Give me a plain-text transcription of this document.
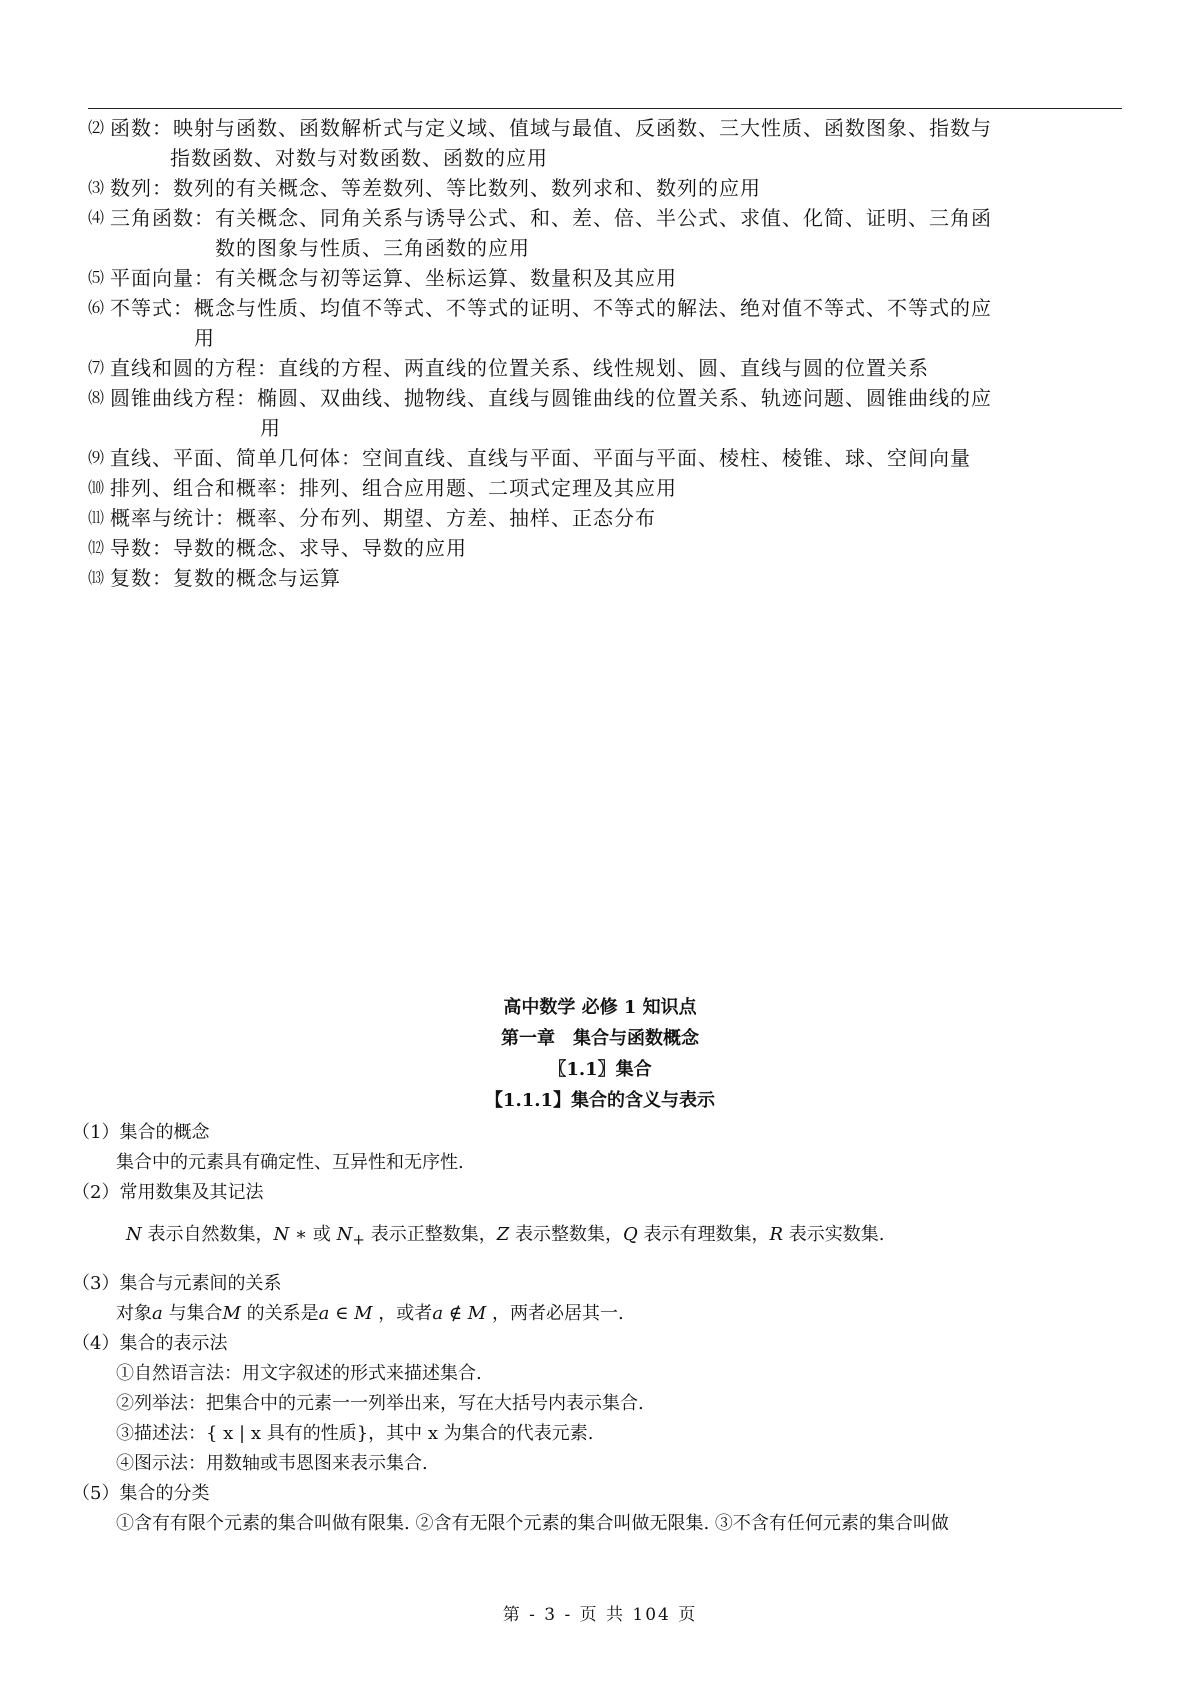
⑵ 函数：映射与函数、函数解析式与定义域、值域与最值、反函数、三大性质、函数图象、指数与
指数函数、对数与对数函数、函数的应用
⑶ 数列：数列的有关概念、等差数列、等比数列、数列求和、数列的应用
⑷ 三角函数：有关概念、同角关系与诱导公式、和、差、倍、半公式、求值、化简、证明、三角函
数的图象与性质、三角函数的应用
⑸ 平面向量：有关概念与初等运算、坐标运算、数量积及其应用
⑹ 不等式：概念与性质、均值不等式、不等式的证明、不等式的解法、绝对值不等式、不等式的应
用
⑺ 直线和圆的方程：直线的方程、两直线的位置关系、线性规划、圆、直线与圆的位置关系
⑻ 圆锥曲线方程：椭圆、双曲线、抛物线、直线与圆锥曲线的位置关系、轨迹问题、圆锥曲线的应
用
⑼ 直线、平面、简单几何体：空间直线、直线与平面、平面与平面、棱柱、棱锥、球、空间向量
⑽ 排列、组合和概率：排列、组合应用题、二项式定理及其应用
⑾ 概率与统计：概率、分布列、期望、方差、抽样、正态分布
⑿ 导数：导数的概念、求导、导数的应用
⒀ 复数：复数的概念与运算
高中数学 必修 1 知识点
第一章　集合与函数概念
〖1.1〗集合
【1.1.1】集合的含义与表示
（1）集合的概念
集合中的元素具有确定性、互异性和无序性.
（2）常用数集及其记法
N 表示自然数集，N ∗ 或 $N_+$ 表示正整数集，Z 表示整数集，Q 表示有理数集，R 表示实数集.
（3）集合与元素间的关系
对象a 与集合M 的关系是a ∈ M ，或者a ∉ M ，两者必居其一.
（4）集合的表示法
①自然语言法：用文字叙述的形式来描述集合.
②列举法：把集合中的元素一一列举出来，写在大括号内表示集合.
③描述法：{ x | x 具有的性质}，其中 x 为集合的代表元素.
④图示法：用数轴或韦恩图来表示集合.
（5）集合的分类
①含有有限个元素的集合叫做有限集. ②含有无限个元素的集合叫做无限集. ③不含有任何元素的集合叫做
第 - 3 - 页 共 104 页
